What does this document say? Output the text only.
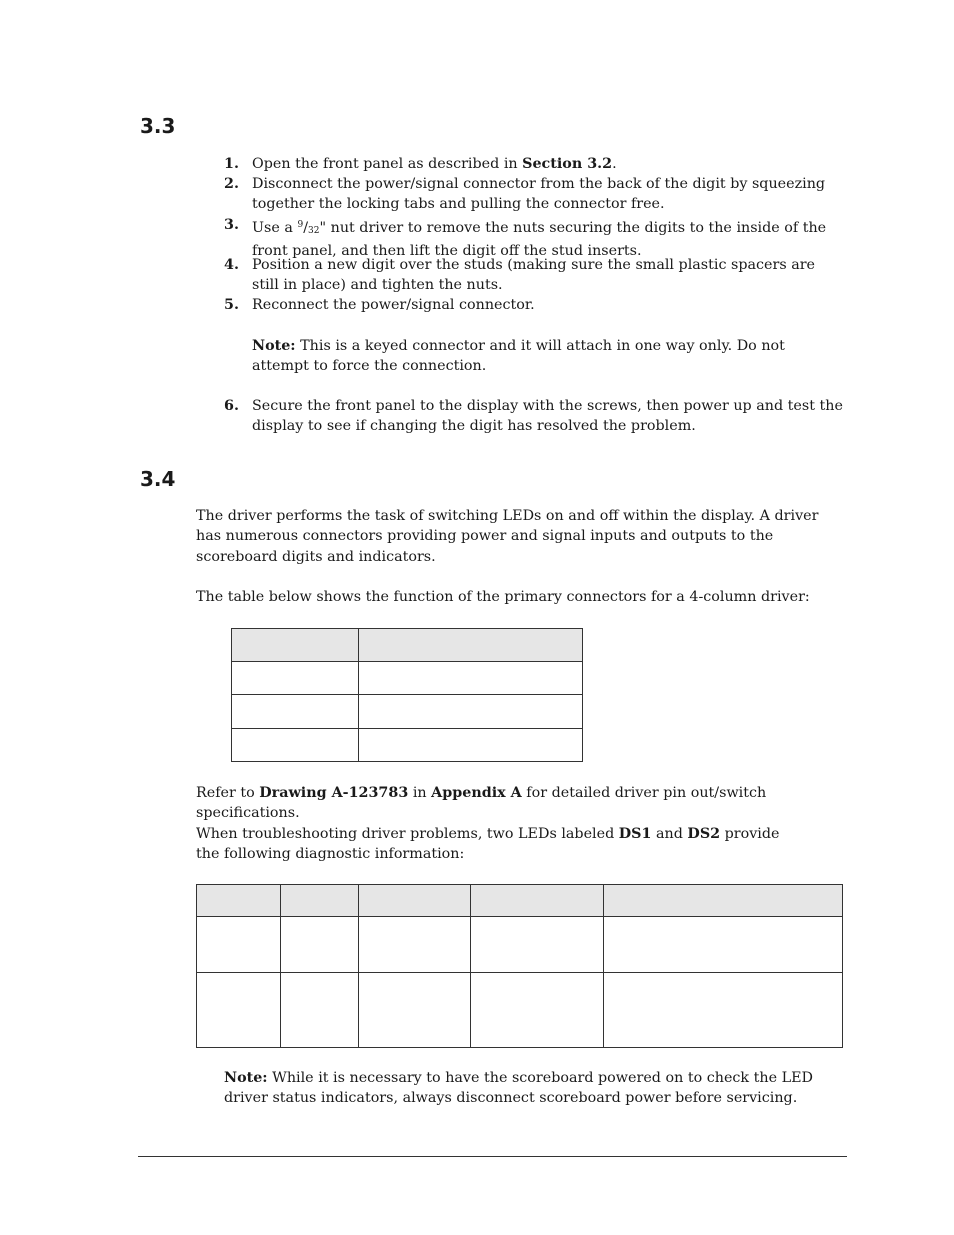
3.3
1. Open the front panel as described in Section 3.2.
2. Disconnect the power/signal connector from the back of the digit by squeezing together the locking tabs and pulling the connector free.
3. Use a $^9/_{32}$" nut driver to remove the nuts securing the digits to the inside of the front panel, and then lift the digit off the stud inserts.
4. Position a new digit over the studs (making sure the small plastic spacers are still in place) and tighten the nuts.
5. Reconnect the power/signal connector.

Note: This is a keyed connector and it will attach in one way only. Do not attempt to force the connection.

6. Secure the front panel to the display with the screws, then power up and test the display to see if changing the digit has resolved the problem.
3.4

The driver performs the task of switching LEDs on and off within the display. A driver has numerous connectors providing power and signal inputs and outputs to the scoreboard digits and indicators.

The table below shows the function of the primary connectors for a 4-column driver:

Refer to Drawing A-123783 in Appendix A for detailed driver pin out/switch specifications.

When troubleshooting driver problems, two LEDs labeled DS1 and DS2 provide the following diagnostic information:

Note: While it is necessary to have the scoreboard powered on to check the LED driver status indicators, always disconnect scoreboard power before servicing.
